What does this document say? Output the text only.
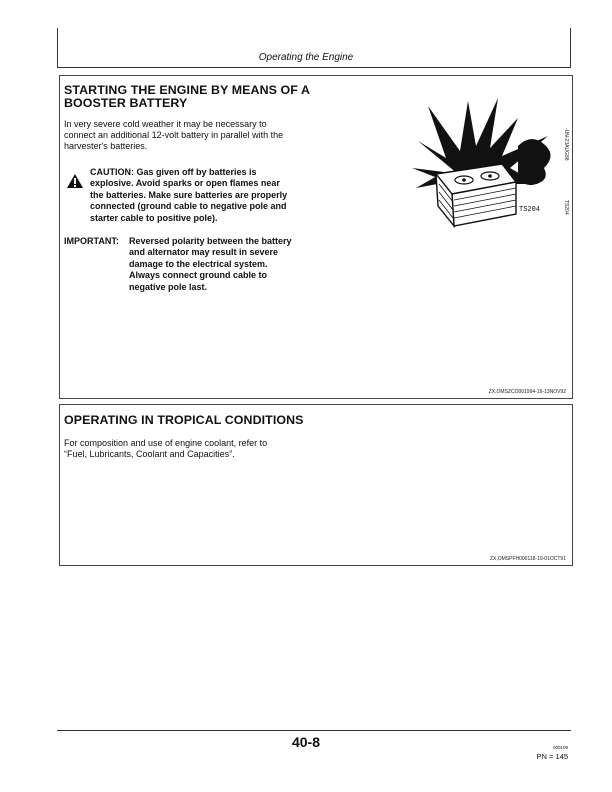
Operating the Engine
STARTING THE ENGINE BY MEANS OF A
BOOSTER BATTERY
In very severe cold weather it may be necessary to
connect an additional 12-volt battery in parallel with the
harvester's batteries.
CAUTION: Gas given off by batteries is
explosive. Avoid sparks or open flames near
the batteries. Make sure batteries are properly
connected (ground cable to negative pole and
starter cable to positive pole).
IMPORTANT: Reversed polarity between the battery
and alternator may result in severe
damage to the electrical system.
Always connect ground cable to
negative pole last.
TS204
-UN-23AUG88
TS204
ZX,OMSZCO001994-19-13NOV92
OPERATING IN TROPICAL CONDITIONS
For composition and use of engine coolant, refer to
“Fuel, Lubricants, Coolant and Capacities”.
ZX,OMSPFH000118-19-01OCT91
40-8	000109
PN = 145
